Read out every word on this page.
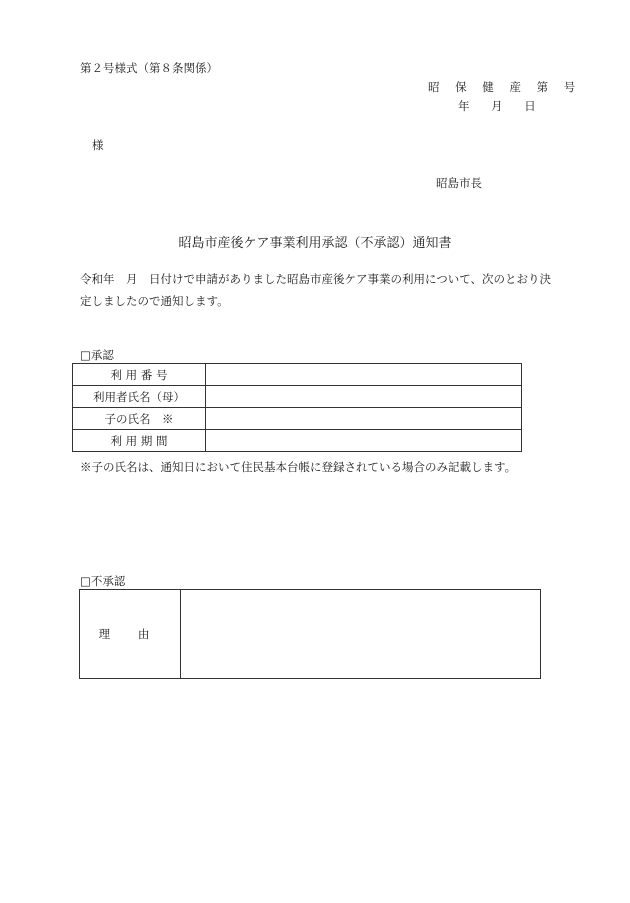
第２号様式（第８条関係）
昭 保 健 産 第 号
年 月 日
様
昭島市長
昭島市産後ケア事業利用承認（不承認）通知書
令和年　月　日付けで申請がありました昭島市産後ケア事業の利用について、次のとおり決定しましたので通知します。
□承認
利 用 番 号	
利用者氏名（母）	
子の氏名　※	
利 用 期 間	
※子の氏名は、通知日において住民基本台帳に登録されている場合のみ記載します。
□不承認
理 由	
